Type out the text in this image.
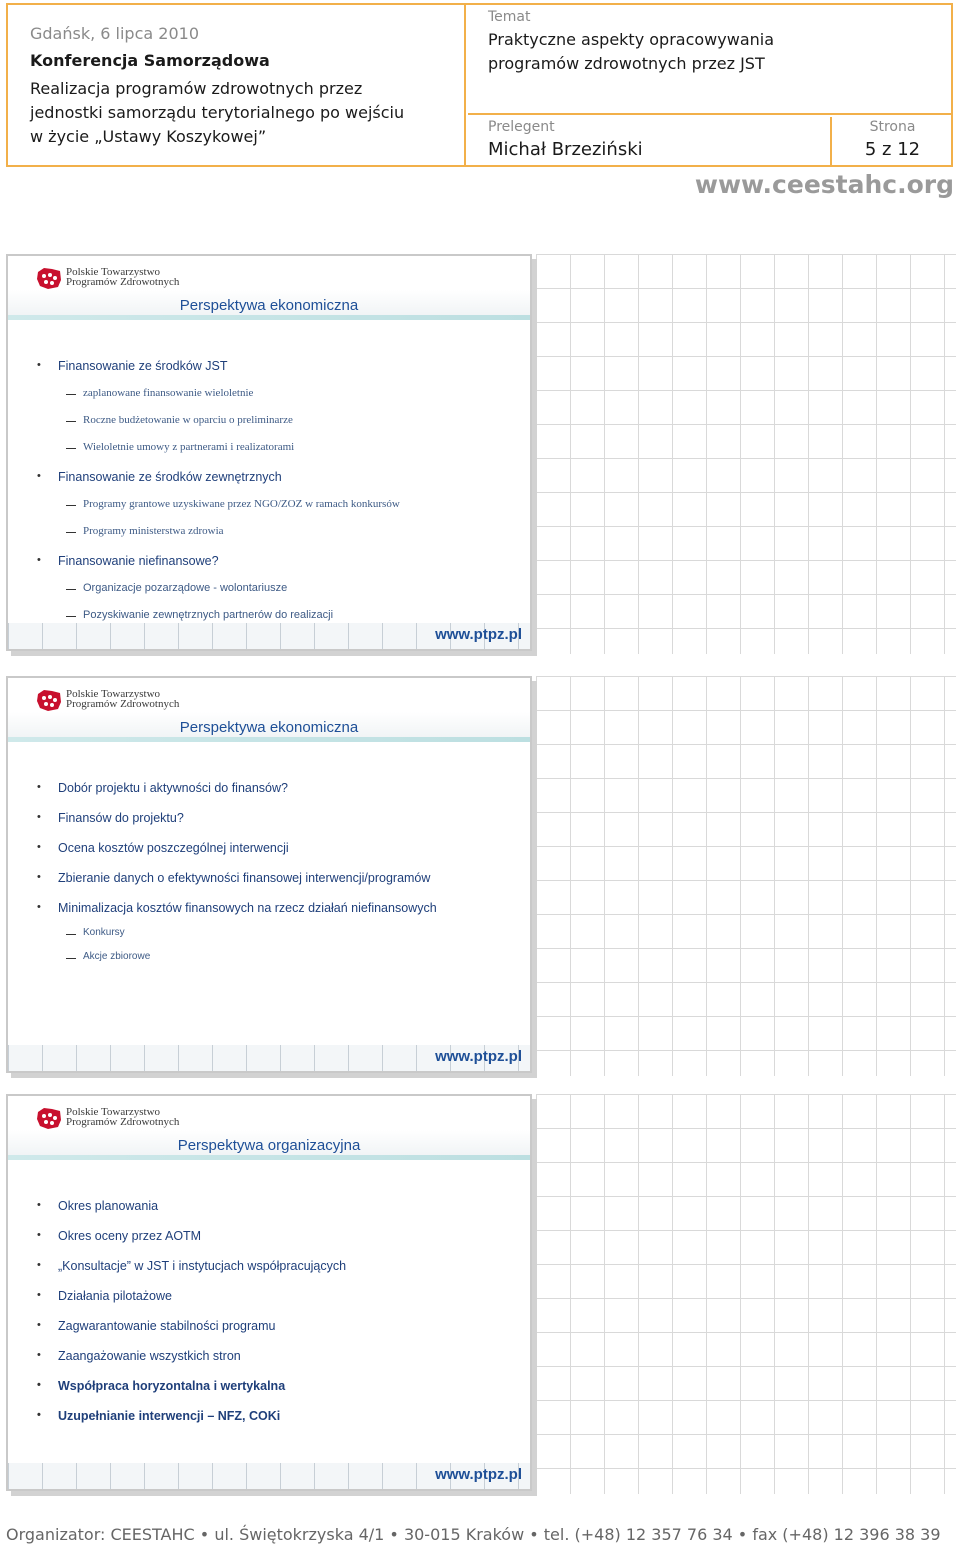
Gdańsk, 6 lipca 2010
Konferencja Samorządowa
Realizacja programów zdrowotnych przez
jednostki samorządu terytorialnego po wejściu
w życie „Ustawy Koszykowej”
Temat
Praktyczne aspekty opracowywania
programów zdrowotnych przez JST
Prelegent
Michał Brzeziński
Strona
5 z 12
www.ceestahc.org
Polskie Towarzystwo
Programów Zdrowotnych
Perspektywa ekonomiczna
• Finansowanie ze środków JST
zaplanowane finansowanie wieloletnie
Roczne budżetowanie w oparciu o preliminarze
Wieloletnie umowy z partnerami i realizatorami
• Finansowanie ze środków zewnętrznych
Programy grantowe uzyskiwane przez NGO/ZOZ w ramach konkursów
Programy ministerstwa zdrowia
• Finansowanie niefinansowe?
Organizacje pozarządowe - wolontariusze
Pozyskiwanie zewnętrznych partnerów do realizacji
www.ptpz.pl
Polskie Towarzystwo
Programów Zdrowotnych
Perspektywa ekonomiczna
• Dobór projektu i aktywności do finansów?
• Finansów do projektu?
• Ocena kosztów poszczególnej interwencji
• Zbieranie danych o efektywności finansowej interwencji/programów
• Minimalizacja kosztów finansowych na rzecz działań niefinansowych
Konkursy
Akcje zbiorowe
www.ptpz.pl
Polskie Towarzystwo
Programów Zdrowotnych
Perspektywa organizacyjna
• Okres planowania
• Okres oceny przez AOTM
• „Konsultacje” w JST i instytucjach współpracujących
• Działania pilotażowe
• Zagwarantowanie stabilności programu
• Zaangażowanie wszystkich stron
• Współpraca horyzontalna i wertykalna
• Uzupełnianie interwencji – NFZ, COKi
www.ptpz.pl
Organizator: CEESTAHC • ul. Świętokrzyska 4/1 • 30-015 Kraków • tel. (+48) 12 357 76 34 • fax (+48) 12 396 38 39
